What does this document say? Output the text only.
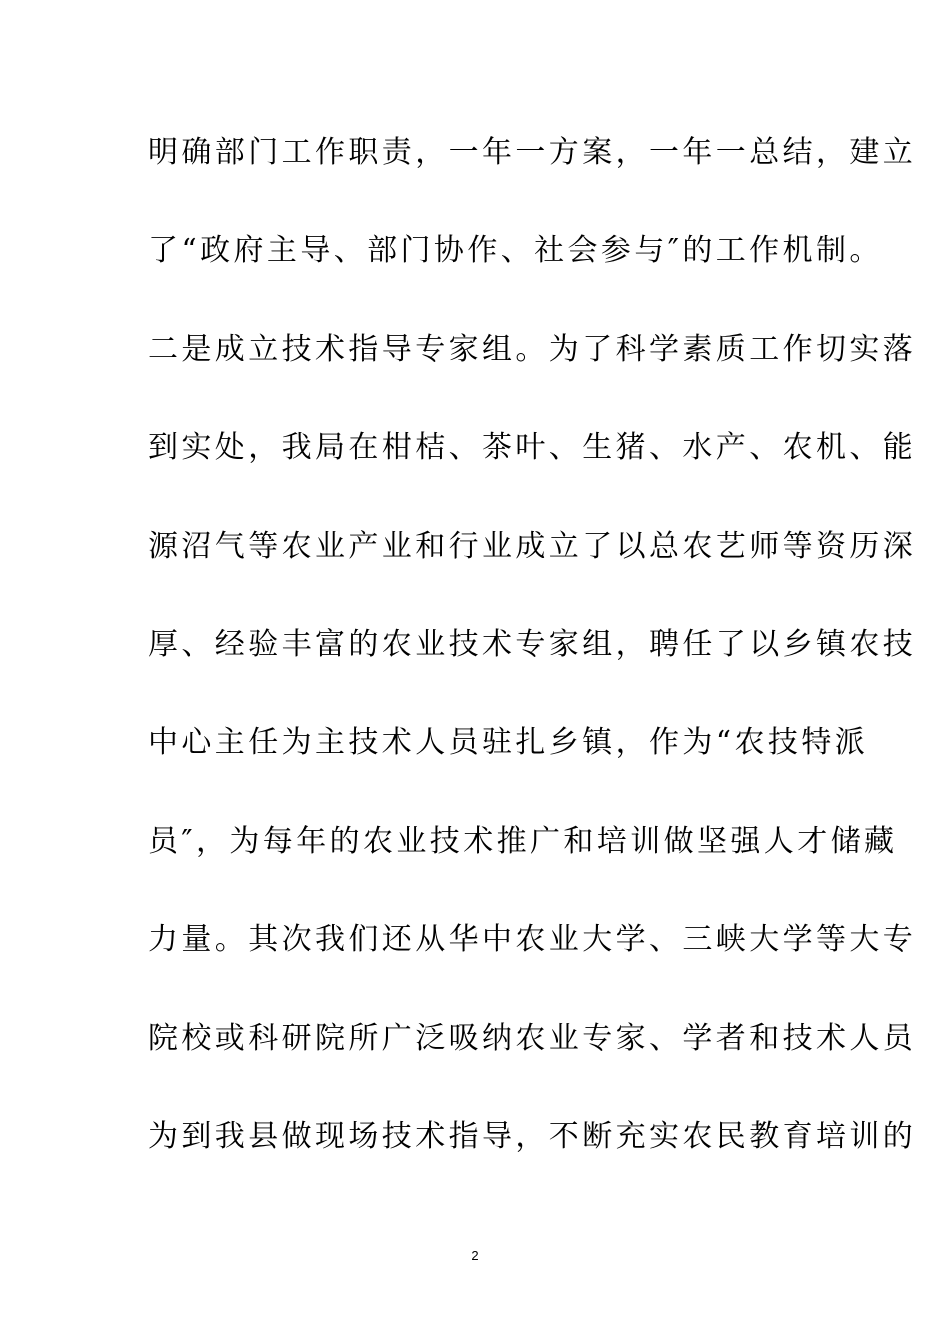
明确部门工作职责，一年一方案，一年一总结，建立
了“政府主导、部门协作、社会参与″的工作机制。
二是成立技术指导专家组。为了科学素质工作切实落
到实处，我局在柑桔、茶叶、生猪、水产、农机、能
源沼气等农业产业和行业成立了以总农艺师等资历深
厚、经验丰富的农业技术专家组，聘任了以乡镇农技
中心主任为主技术人员驻扎乡镇，作为“农技特派
员″，为每年的农业技术推广和培训做坚强人才储藏
力量。其次我们还从华中农业大学、三峡大学等大专
院校或科研院所广泛吸纳农业专家、学者和技术人员
为到我县做现场技术指导，不断充实农民教育培训的
2
